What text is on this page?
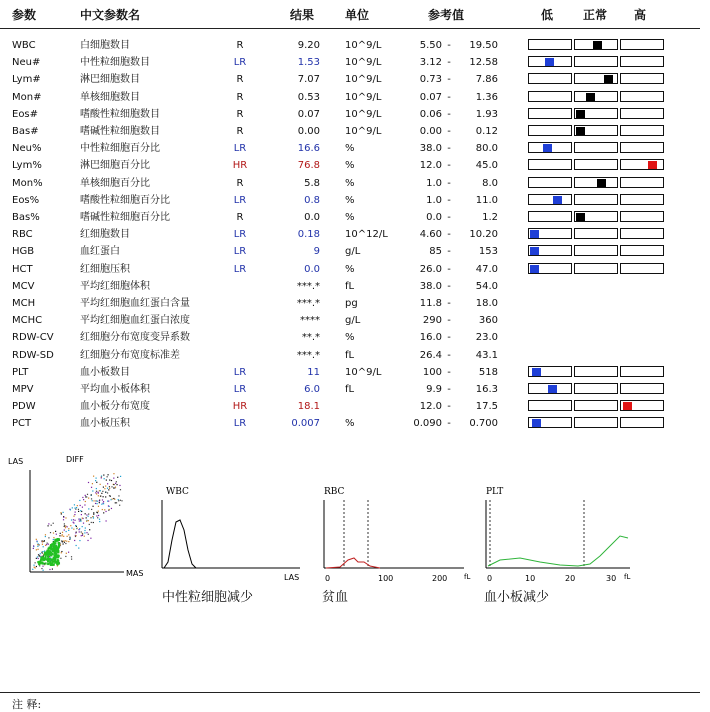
参数	中文参数名	结果	单位	参考值	低 正常 高
WBC	白细胞数目	R	9.20	10^9/L	5.50	19.50
-
Neu#	中性粒细胞数目	LR	1.53	10^9/L	3.12	12.58
-
Lym#	淋巴细胞数目	R	7.07	10^9/L	0.73	7.86
-
Mon#	单核细胞数目	R	0.53	10^9/L	0.07	1.36
-
Eos#	嗜酸性粒细胞数目	R	0.07	10^9/L	0.06	1.93
-
Bas#	嗜碱性粒细胞数目	R	0.00	10^9/L	0.00	0.12
-
Neu%	中性粒细胞百分比	LR	16.6	%	38.0	80.0
-
Lym%	淋巴细胞百分比	HR	76.8	%	12.0	45.0
-
Mon%	单核细胞百分比	R	5.8	%	1.0	8.0
-
Eos%	嗜酸性粒细胞百分比	LR	0.8	%	1.0	11.0
-
Bas%	嗜碱性粒细胞百分比	R	0.0	%	0.0	1.2
-
RBC	红细胞数目	LR	0.18	10^12/L	4.60	10.20
-
HGB	血红蛋白	LR	9	g/L	85	153
-
HCT	红细胞压积	LR	0.0	%	26.0	47.0
-
MCV	平均红细胞体积	***.*	fL	38.0	54.0
-
MCH	平均红细胞血红蛋白含量	***.*	pg	11.8	18.0
-
MCHC	平均红细胞血红蛋白浓度	****	g/L	290	360
-
RDW-CV	红细胞分布宽度变异系数	**.*	%	16.0	23.0
-
RDW-SD	红细胞分布宽度标准差	***.*	fL	26.4	43.1
-
PLT	血小板数目	LR	11	10^9/L	100	518
-
MPV	平均血小板体积	LR	6.0	fL	9.9	16.3
-
PDW	血小板分布宽度	HR	18.1	12.0	17.5
-
PCT	血小板压积	LR	0.007	%	0.090	0.700
-
LAS	DIFF
MAS
WBC
LAS
RBC
0	100	200 fL
PLT
0	10	20	30 fL
中性粒细胞减少	贫血	血小板减少
注 释:
